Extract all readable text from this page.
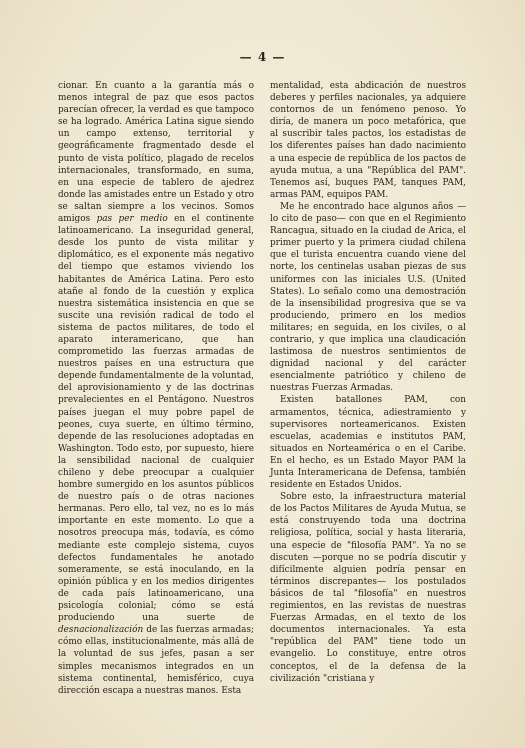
— 4 —

cionar. En cuanto a la garantía más o menos integral de paz que esos pactos parecían ofrecer, la verdad es que tampoco se ha logrado. América Latina sigue siendo un campo extenso, territorial y geográficamente fragmentado desde el punto de vista político, plagado de recelos internacionales, transformado, en suma, en una especie de tablero de ajedrez donde las amistades entre un Estado y otro se saltan siempre a los vecinos. Somos amigos pas per medio en el continente latinoamericano. La inseguridad general, desde los punto de vista militar y diplomático, es el exponente más negativo del tiempo que estamos viviendo los habitantes de América Latina. Pero esto atañe al fondo de la cuestión y explica nuestra sistemática insistencia en que se suscite una revisión radical de todo el sistema de pactos militares, de todo el aparato interamericano, que han comprometido las fuerzas armadas de nuestros países en una estructura que depende fundamentalmente de la voluntad, del aprovisionamiento y de las doctrinas prevalecientes en el Pentágono. Nuestros países juegan el muy pobre papel de peones, cuya suerte, en último término, depende de las resoluciones adoptadas en Washington. Todo esto, por supuesto, hiere la sensibilidad nacional de cualquier chileno y debe preocupar a cualquier hombre sumergido en los asuntos públicos de nuestro país o de otras naciones hermanas. Pero ello, tal vez, no es lo más importante en este momento. Lo que a nosotros preocupa más, todavía, es cómo mediante este complejo sistema, cuyos defectos fundamentales he anotado someramente, se está inoculando, en la opinión pública y en los medios dirigentes de cada país latinoamericano, una psicología colonial; cómo se está produciendo una suerte de desnacionalización de las fuerzas armadas; cómo ellas, institucionalmente, más allá de la voluntad de sus jefes, pasan a ser simples mecanismos integrados en un sistema continental, hemisférico, cuya dirección escapa a nuestras manos. Esta

mentalidad, esta abdicación de nuestros deberes y perfiles nacionales, ya adquiere contornos de un fenómeno penoso. Yo diría, de manera un poco metafórica, que al suscribir tales pactos, los estadistas de los diferentes países han dado nacimiento a una especie de república de los pactos de ayuda mutua, a una "República del PAM". Tenemos así, buques PAM, tanques PAM, armas PAM, equipos PAM.

Me he encontrado hace algunos años —lo cito de paso— con que en el Regimiento Rancagua, situado en la ciudad de Arica, el primer puerto y la primera ciudad chilena que el turista encuentra cuando viene del norte, los centinelas usaban piezas de sus uniformes con las iniciales U.S. (United States). Lo señalo como una demostración de la insensibilidad progresiva que se va produciendo, primero en los medios militares; en seguida, en los civiles, o al contrario, y que implica una claudicación lastimosa de nuestros sentimientos de dignidad nacional y del carácter esencialmente patriótico y chileno de nuestras Fuerzas Armadas.

Existen batallones PAM, con armamentos, técnica, adiestramiento y supervisores norteamericanos. Existen escuelas, academias e institutos PAM, situados en Norteamérica o en el Caribe. En el hecho, es un Estado Mayor PAM la Junta Interamericana de Defensa, también residente en Estados Unidos.

Sobre esto, la infraestructura material de los Pactos Militares de Ayuda Mutua, se está construyendo toda una doctrina religiosa, política, social y hasta literaria, una especie de "filosofía PAM". Ya no se discuten —porque no se podría discutir y difícilmente alguien podría pensar en términos discrepantes— los postulados básicos de tal "filosofía" en nuestros regimientos, en las revistas de nuestras Fuerzas Armadas, en el texto de los documentos internacionales. Ya esta "república del PAM" tiene todo un evangelio. Lo constituye, entre otros conceptos, el de la defensa de la civilización "cristiana y
